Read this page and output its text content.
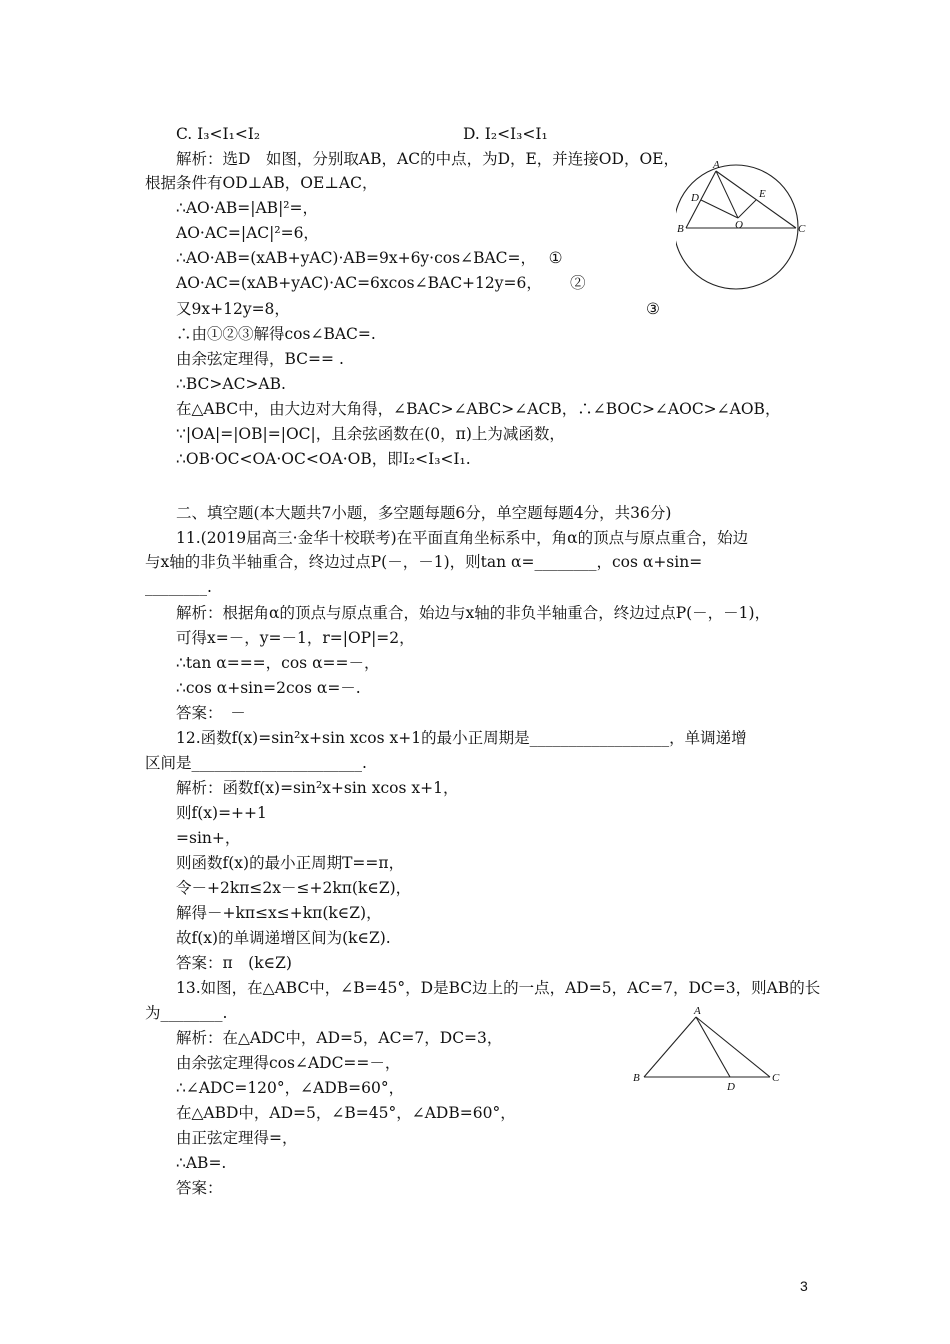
C. I₃<I₁<I₂	D. I₂<I₃<I₁
解析：选D　如图，分别取AB，AC的中点，为D，E，并连接OD，OE，
根据条件有OD⊥AB，OE⊥AC，
∴AO·AB=|AB|²=，
AO·AC=|AC|²=6，
∴AO·AB=(xAB+yAC)·AB=9x+6y·cos∠BAC=，　 ①
AO·AC=(xAB+yAC)·AC=6xcos∠BAC+12y=6，　　 ②
又9x+12y=8，	③
∴由①②③解得cos∠BAC=.
由余弦定理得，BC== .
∴BC>AC>AB.
在△ABC中，由大边对大角得，∠BAC>∠ABC>∠ACB，∴∠BOC>∠AOC>∠AOB，
∵|OA|=|OB|=|OC|，且余弦函数在(0，π)上为减函数，
∴OB·OC<OA·OC<OA·OB，即I₂<I₃<I₁.
A
B	C
D	E
O
二、填空题(本大题共7小题，多空题每题6分，单空题每题4分，共36分)
11.(2019届高三·金华十校联考)在平面直角坐标系中，角α的顶点与原点重合，始边
与x轴的非负半轴重合，终边过点P(－，－1)，则tan α=________，cos α+sin=
________.
解析：根据角α的顶点与原点重合，始边与x轴的非负半轴重合，终边过点P(－，－1)，
可得x=－，y=－1，r=|OP|=2，
∴tan α===，cos α==－，
∴cos α+sin=2cos α=－.
答案：　－
12.函数f(x)=sin²x+sin xcos x+1的最小正周期是__________________，单调递增
区间是______________________.
解析：函数f(x)=sin²x+sin xcos x+1，
则f(x)=++1
=sin+，
则函数f(x)的最小正周期T==π，
令－+2kπ≤2x－≤+2kπ(k∈Z)，
解得－+kπ≤x≤+kπ(k∈Z)，
故f(x)的单调递增区间为(k∈Z).
答案：π　(k∈Z)
13.如图，在△ABC中，∠B=45°，D是BC边上的一点，AD=5，AC=7，DC=3，则AB的长
为________.
解析：在△ADC中，AD=5，AC=7，DC=3，
由余弦定理得cos∠ADC==－，
∴∠ADC=120°，∠ADB=60°，
在△ABD中，AD=5，∠B=45°，∠ADB=60°，
由正弦定理得=，
∴AB=.
答案：
A
B	C
D
3
